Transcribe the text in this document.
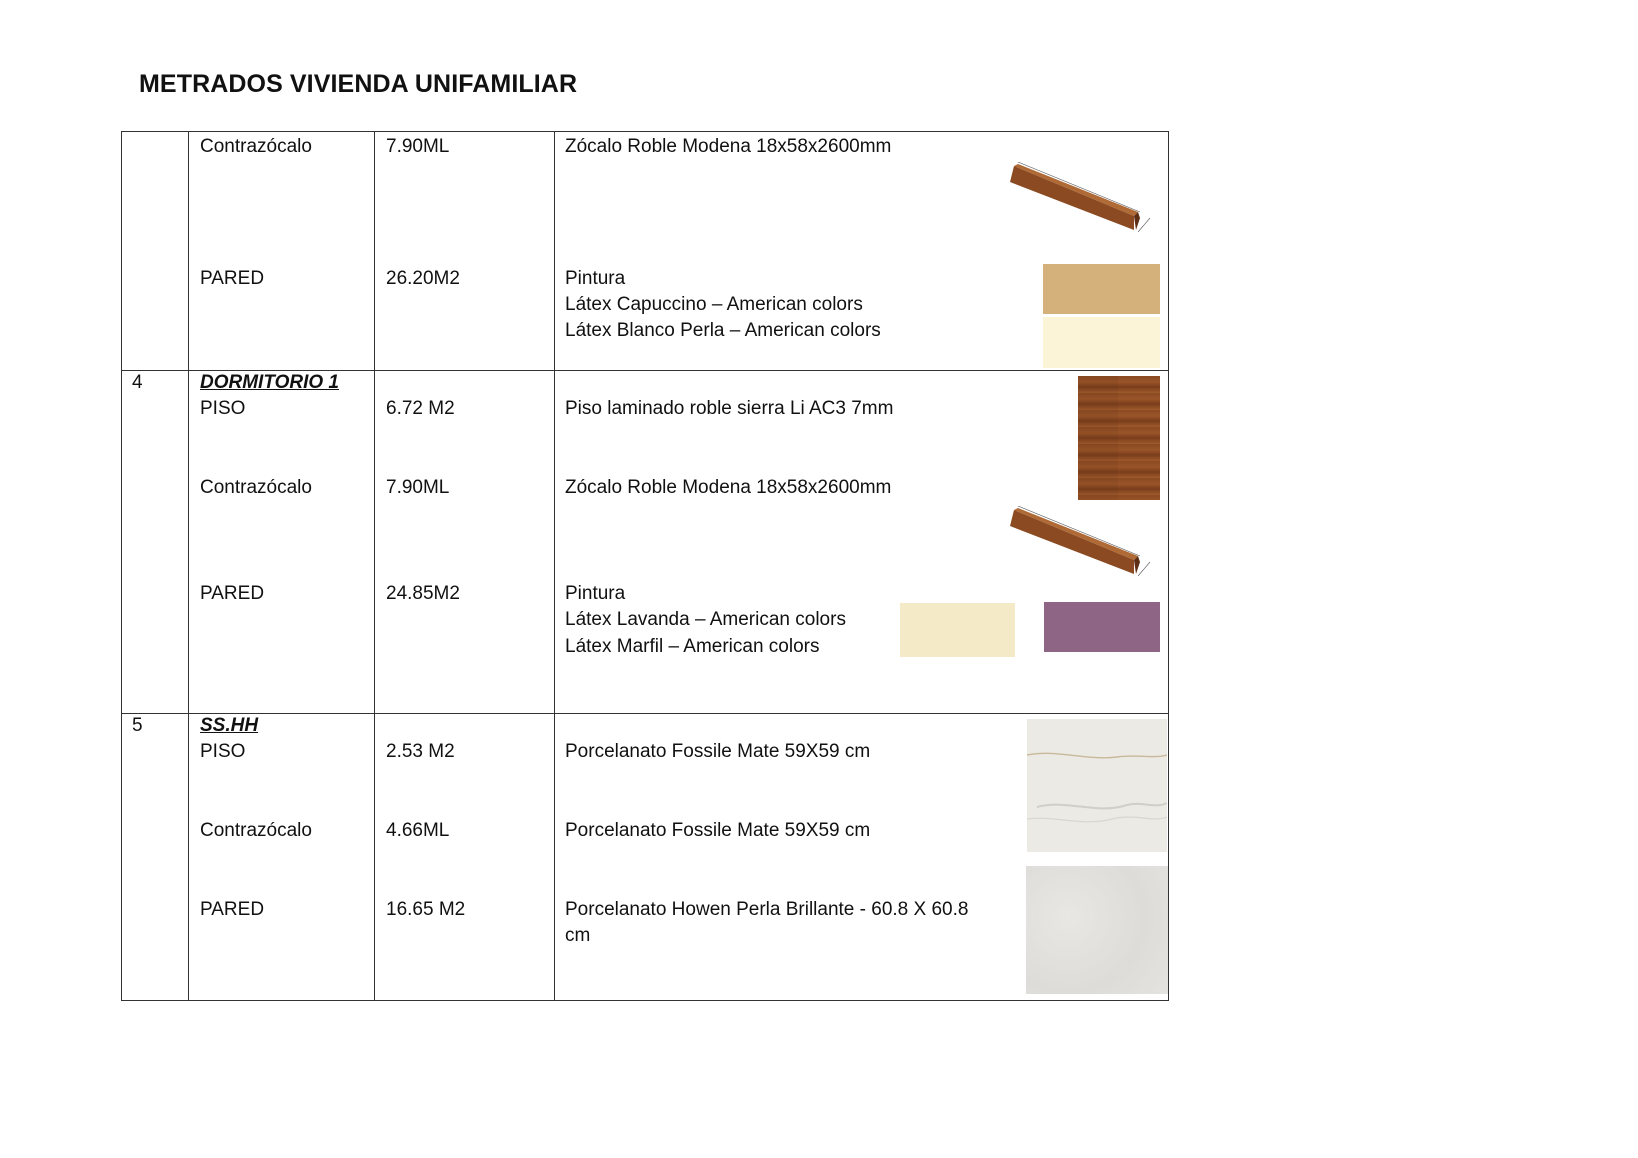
METRADOS VIVIENDA UNIFAMILIAR
Contrazócalo	7.90ML	Zócalo Roble Modena 18x58x2600mm
PARED	26.20M2	Pintura
Látex Capuccino – American colors
Látex Blanco Perla – American colors
4	DORMITORIO 1
PISO	6.72 M2	Piso laminado roble sierra Li AC3 7mm
Contrazócalo	7.90ML	Zócalo Roble Modena 18x58x2600mm
PARED	24.85M2	Pintura
Látex Lavanda – American colors
Látex Marfil – American colors
5	SS.HH
PISO	2.53 M2	Porcelanato Fossile Mate 59X59 cm
Contrazócalo	4.66ML	Porcelanato Fossile Mate 59X59 cm
PARED	16.65 M2	Porcelanato Howen Perla Brillante - 60.8 X 60.8 cm
